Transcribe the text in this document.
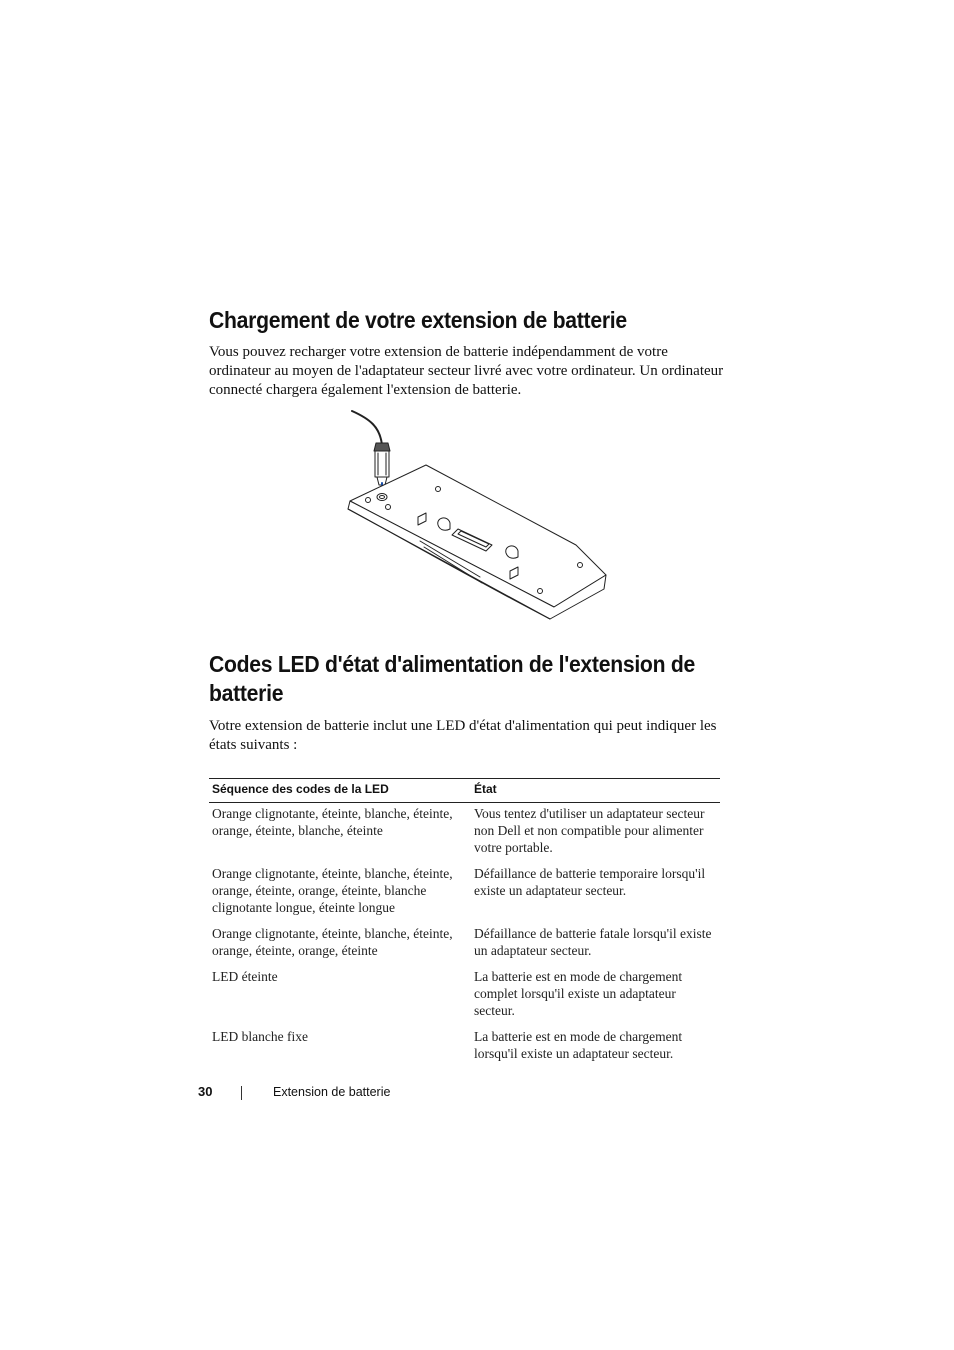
Chargement de votre extension de batterie

Vous pouvez recharger votre extension de batterie indépendamment de votre ordinateur au moyen de l'adaptateur secteur livré avec votre ordinateur. Un ordinateur connecté chargera également l'extension de batterie.

Codes LED d'état d'alimentation de l'extension de batterie

Votre extension de batterie inclut une LED d'état d'alimentation qui peut indiquer les états suivants :

Séquence des codes de la LED	État
Orange clignotante, éteinte, blanche, éteinte, orange, éteinte, blanche, éteinte	Vous tentez d'utiliser un adaptateur secteur non Dell et non compatible pour alimenter votre portable.
Orange clignotante, éteinte, blanche, éteinte, orange, éteinte, orange, éteinte, blanche clignotante longue, éteinte longue	Défaillance de batterie temporaire lorsqu'il existe un adaptateur secteur.
Orange clignotante, éteinte, blanche, éteinte, orange, éteinte, orange, éteinte	Défaillance de batterie fatale lorsqu'il existe un adaptateur secteur.
LED éteinte	La batterie est en mode de chargement complet lorsqu'il existe un adaptateur secteur.
LED blanche fixe	La batterie est en mode de chargement lorsqu'il existe un adaptateur secteur.
30	Extension de batterie
